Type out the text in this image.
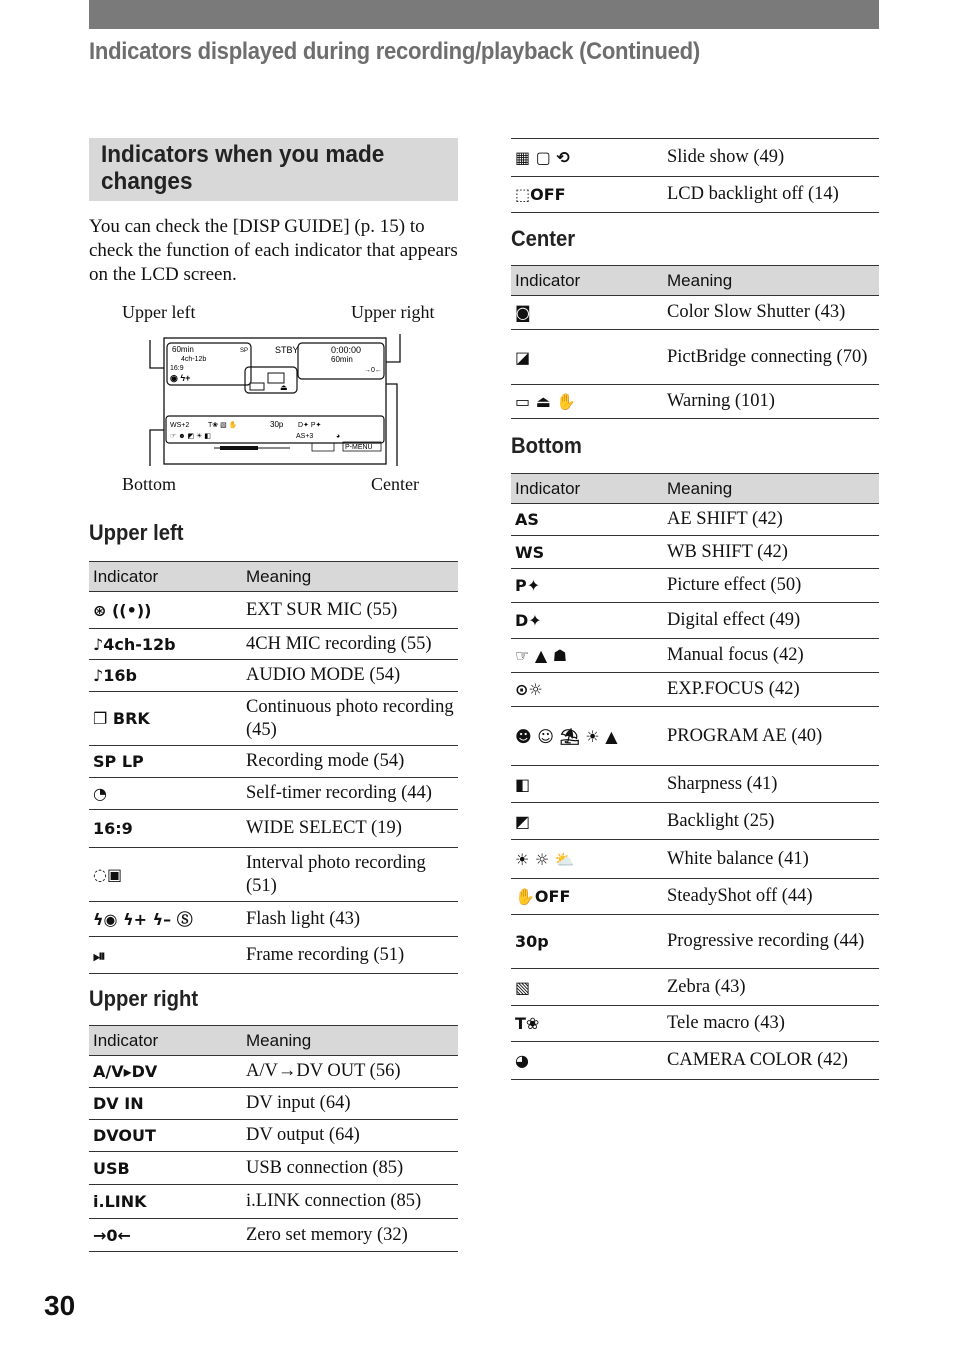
Indicators displayed during recording/playback (Continued)
Indicators when you made
changes
You can check the [DISP GUIDE] (p. 15) to check the function of each indicator that appears on the LCD screen.
Upper left	Upper right
Bottom	Center
60min	SP
4ch-12b
16:9
◉ ϟ+
STBY	0:00:00
60min
→0←
⏏
WS+2	T❀ ▧ ✋	30p D✦ P✦
☞ ☻ ◩ ☀ ◧	AS+3	◕
P-MENU
Upper left
Indicator	Meaning
⊛ ((•))	EXT SUR MIC (55)
♪4ch-12b	4CH MIC recording (55)
♪16b	AUDIO MODE (54)
❐ BRK	Continuous photo recording (45)
SP LP	Recording mode (54)
◔	Self-timer recording (44)
16:9	WIDE SELECT (19)
◌▣	Interval photo recording (51)
ϟ◉ ϟ+ ϟ– Ⓢ	Flash light (43)
⏯	Frame recording (51)
Upper right
Indicator	Meaning
A/V▸DV	A/V→DV OUT (56)
DV IN	DV input (64)
DVOUT	DV output (64)
USB	USB connection (85)
i.LINK	i.LINK connection (85)
→0←	Zero set memory (32)
▦ ▢ ⟲	Slide show (49)
⬚OFF	LCD backlight off (14)
Center
Indicator	Meaning
◙	Color Slow Shutter (43)
◪	PictBridge connecting (70)
▭ ⏏ ✋	Warning (101)
Bottom
Indicator	Meaning
AS	AE SHIFT (42)
WS	WB SHIFT (42)
P✦	Picture effect (50)
D✦	Digital effect (49)
☞ ▲ ☗	Manual focus (42)
⊙☼	EXP.FOCUS (42)
☻ ☺ ⛱ ☀ ▲	PROGRAM AE (40)
◧	Sharpness (41)
◩	Backlight (25)
☀ ☼ ⛅	White balance (41)
✋OFF	SteadyShot off (44)
30p	Progressive recording (44)
▧	Zebra (43)
T❀	Tele macro (43)
◕	CAMERA COLOR (42)
30
